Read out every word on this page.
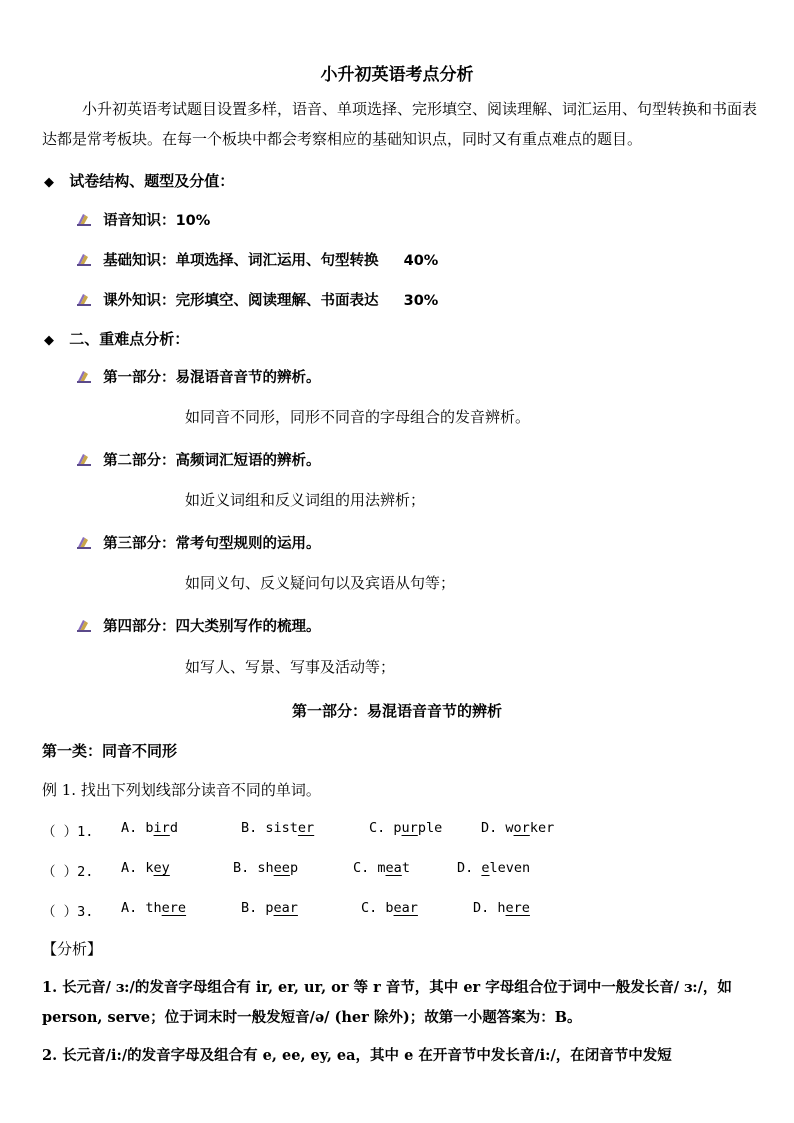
小升初英语考点分析
小升初英语考试题目设置多样，语音、单项选择、完形填空、阅读理解、词汇运用、句型转换和书面表达都是常考板块。在每一个板块中都会考察相应的基础知识点，同时又有重点难点的题目。
◆ 试卷结构、题型及分值：
语音知识：10%
基础知识：单项选择、词汇运用、句型转换 40%
课外知识：完形填空、阅读理解、书面表达 30%
◆ 二、重难点分析：
第一部分：易混语音音节的辨析。
如同音不同形，同形不同音的字母组合的发音辨析。
第二部分：高频词汇短语的辨析。
如近义词组和反义词组的用法辨析；
第三部分：常考句型规则的运用。
如同义句、反义疑问句以及宾语从句等；
第四部分：四大类别写作的梳理。
如写人、写景、写事及活动等；
第一部分：易混语音音节的辨析
第一类：同音不同形
例 1. 找出下列划线部分读音不同的单词。
（ ）1. A. bird	B. sister	C. purple	D. worker
（ ）2. A. key	B. sheep	C. meat	D. eleven
（ ）3. A. there	B. pear	C. bear	D. here
【分析】
1. 长元音/ ɜ:/的发音字母组合有 ir, er, ur, or 等 r 音节，其中 er 字母组合位于词中一般发长音/ ɜ:/，如 person, serve；位于词末时一般发短音/ə/ (her 除外)；故第一小题答案为：B。
2. 长元音/i:/的发音字母及组合有 e, ee, ey, ea，其中 e 在开音节中发长音/i:/，在闭音节中发短
